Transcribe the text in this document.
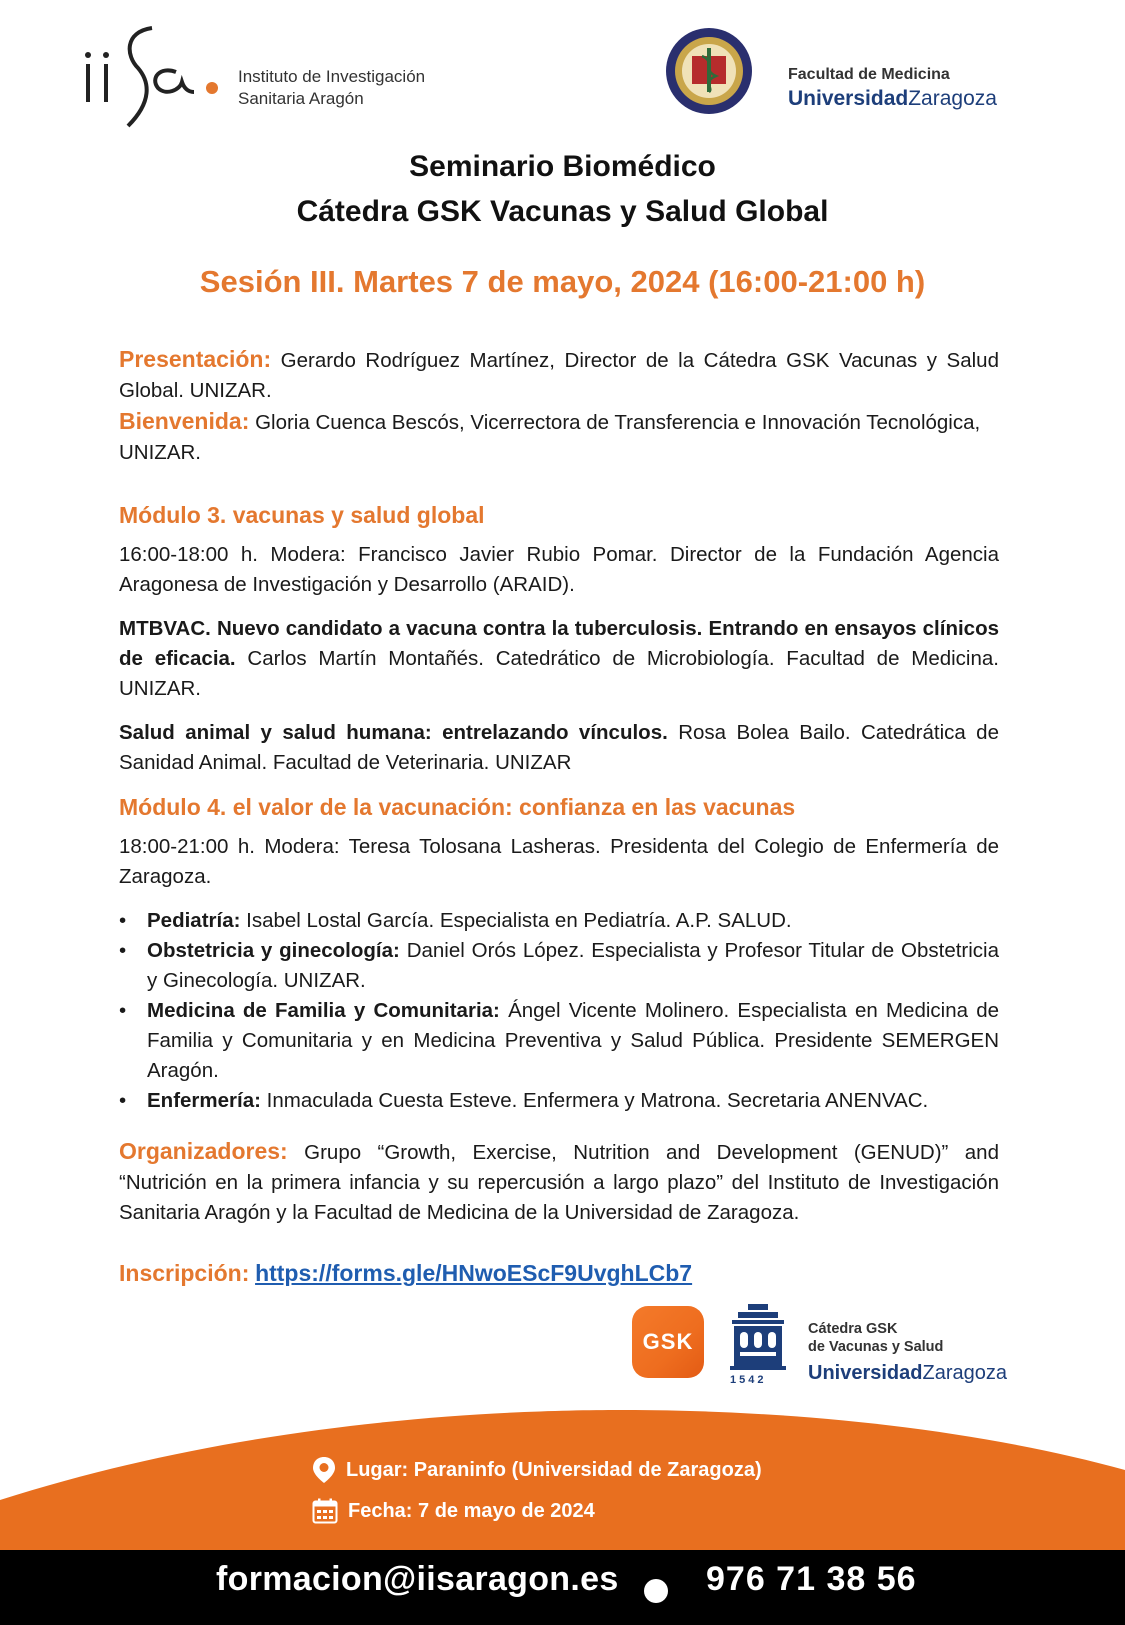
Instituto de Investigación
Sanitaria Aragón
Facultad de Medicina
UniversidadZaragoza
Seminario Biomédico
Cátedra GSK Vacunas y Salud Global
Sesión III. Martes 7 de mayo, 2024 (16:00-21:00 h)

Presentación: Gerardo Rodríguez Martínez, Director de la Cátedra GSK Vacunas y Salud Global. UNIZAR.

Bienvenida: Gloria Cuenca Bescós, Vicerrectora de Transferencia e Innovación Tecnológica, UNIZAR.

Módulo 3. vacunas y salud global
16:00-18:00 h. Modera: Francisco Javier Rubio Pomar. Director de la Fundación Agencia Aragonesa de Investigación y Desarrollo (ARAID).
MTBVAC. Nuevo candidato a vacuna contra la tuberculosis. Entrando en ensayos clínicos de eficacia. Carlos Martín Montañés. Catedrático de Microbiología. Facultad de Medicina. UNIZAR.
Salud animal y salud humana: entrelazando vínculos. Rosa Bolea Bailo. Catedrática de Sanidad Animal. Facultad de Veterinaria. UNIZAR
Módulo 4. el valor de la vacunación: confianza en las vacunas
18:00-21:00 h. Modera: Teresa Tolosana Lasheras. Presidenta del Colegio de Enfermería de Zaragoza.
• Pediatría: Isabel Lostal García. Especialista en Pediatría. A.P. SALUD.
• Obstetricia y ginecología: Daniel Orós López. Especialista y Profesor Titular de Obstetricia y Ginecología. UNIZAR.
• Medicina de Familia y Comunitaria: Ángel Vicente Molinero. Especialista en Medicina de Familia y Comunitaria y en Medicina Preventiva y Salud Pública. Presidente SEMERGEN Aragón.
• Enfermería: Inmaculada Cuesta Esteve. Enfermera y Matrona. Secretaria ANENVAC.
Organizadores: Grupo “Growth, Exercise, Nutrition and Development (GENUD)” and “Nutrición en la primera infancia y su repercusión a largo plazo” del Instituto de Investigación Sanitaria Aragón y la Facultad de Medicina de la Universidad de Zaragoza.
Inscripción: https://forms.gle/HNwoEScF9UvghLCb7
GSK
1542
Cátedra GSK
de Vacunas y Salud
UniversidadZaragoza
Lugar: Paraninfo (Universidad de Zaragoza)
Fecha: 7 de mayo de 2024
formacion@iisaragon.es	976 71 38 56
